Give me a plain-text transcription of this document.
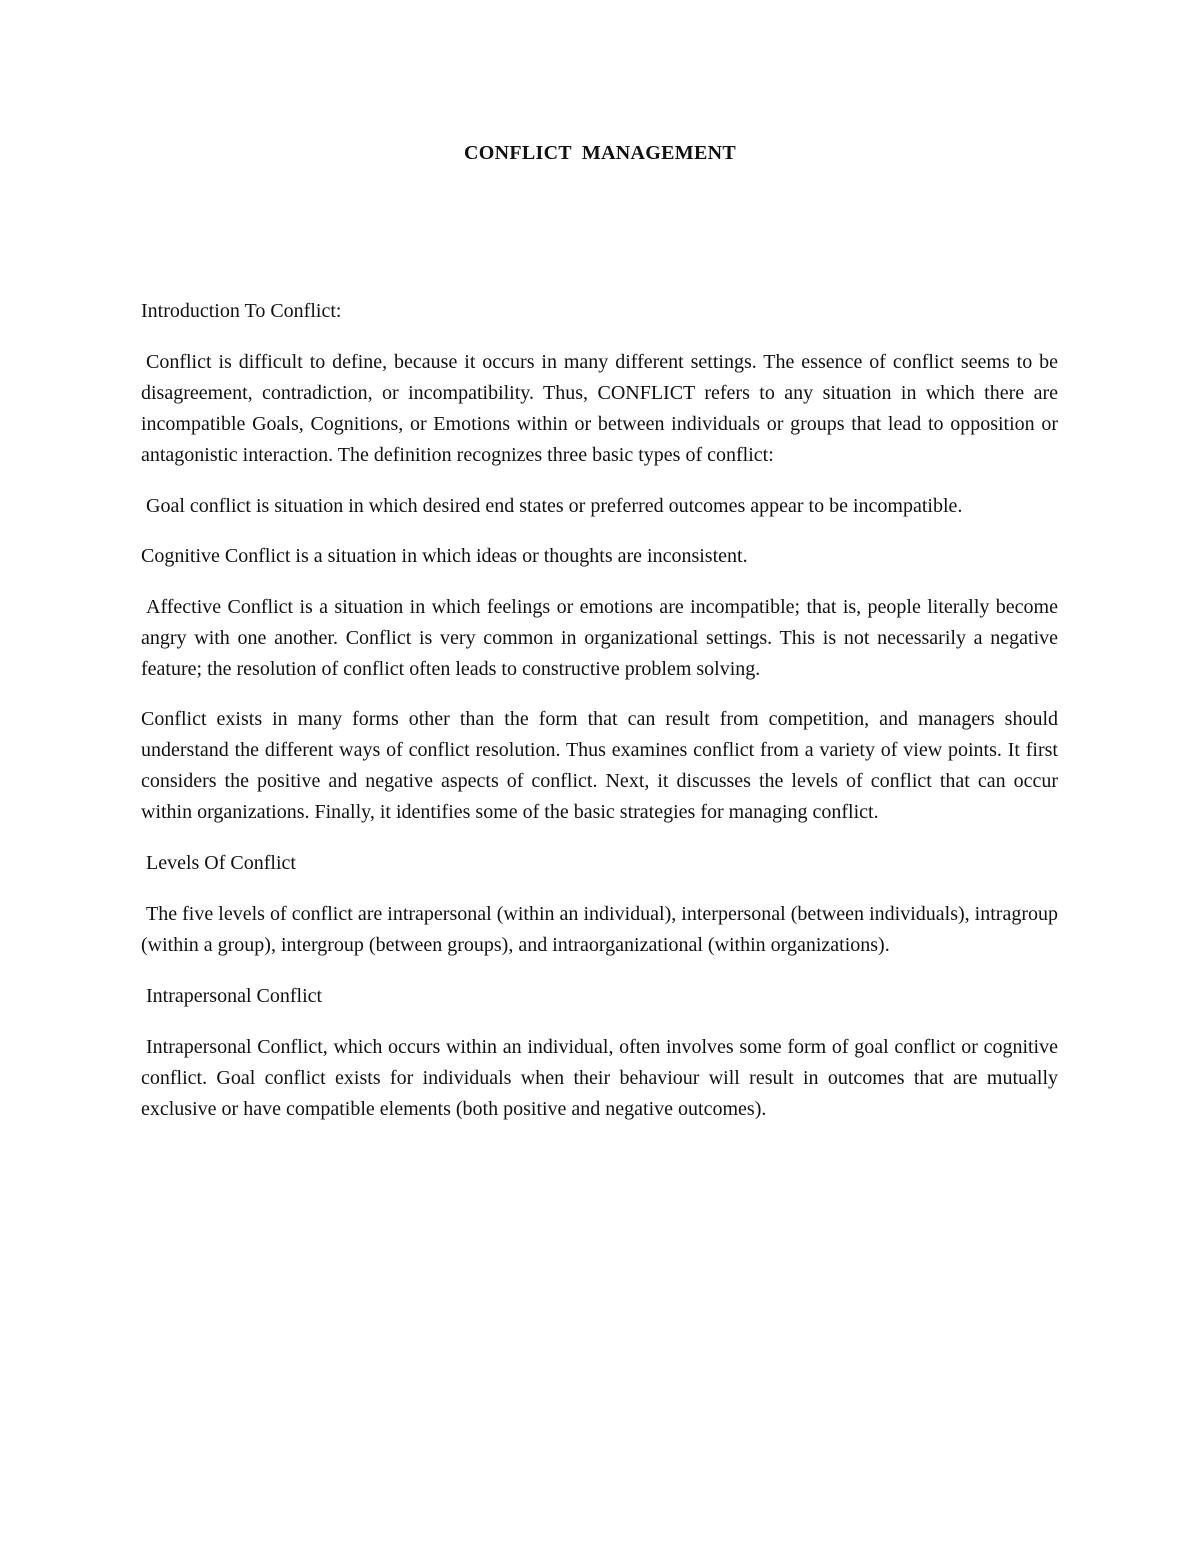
CONFLICT MANAGEMENT

Introduction To Conflict:

Conflict is difficult to define, because it occurs in many different settings. The essence of conflict seems to be disagreement, contradiction, or incompatibility. Thus, CONFLICT refers to any situation in which there are incompatible Goals, Cognitions, or Emotions within or between individuals or groups that lead to opposition or antagonistic interaction. The definition recognizes three basic types of conflict:

Goal conflict is situation in which desired end states or preferred outcomes appear to be incompatible.

Cognitive Conflict is a situation in which ideas or thoughts are inconsistent.

Affective Conflict is a situation in which feelings or emotions are incompatible; that is, people literally become angry with one another. Conflict is very common in organizational settings. This is not necessarily a negative feature; the resolution of conflict often leads to constructive problem solving.

Conflict exists in many forms other than the form that can result from competition, and managers should understand the different ways of conflict resolution. Thus examines conflict from a variety of view points. It first considers the positive and negative aspects of conflict. Next, it discusses the levels of conflict that can occur within organizations. Finally, it identifies some of the basic strategies for managing conflict.

Levels Of Conflict

The five levels of conflict are intrapersonal (within an individual), interpersonal (between individuals), intragroup (within a group), intergroup (between groups), and intraorganizational (within organizations).

Intrapersonal Conflict

Intrapersonal Conflict, which occurs within an individual, often involves some form of goal conflict or cognitive conflict. Goal conflict exists for individuals when their behaviour will result in outcomes that are mutually exclusive or have compatible elements (both positive and negative outcomes).
